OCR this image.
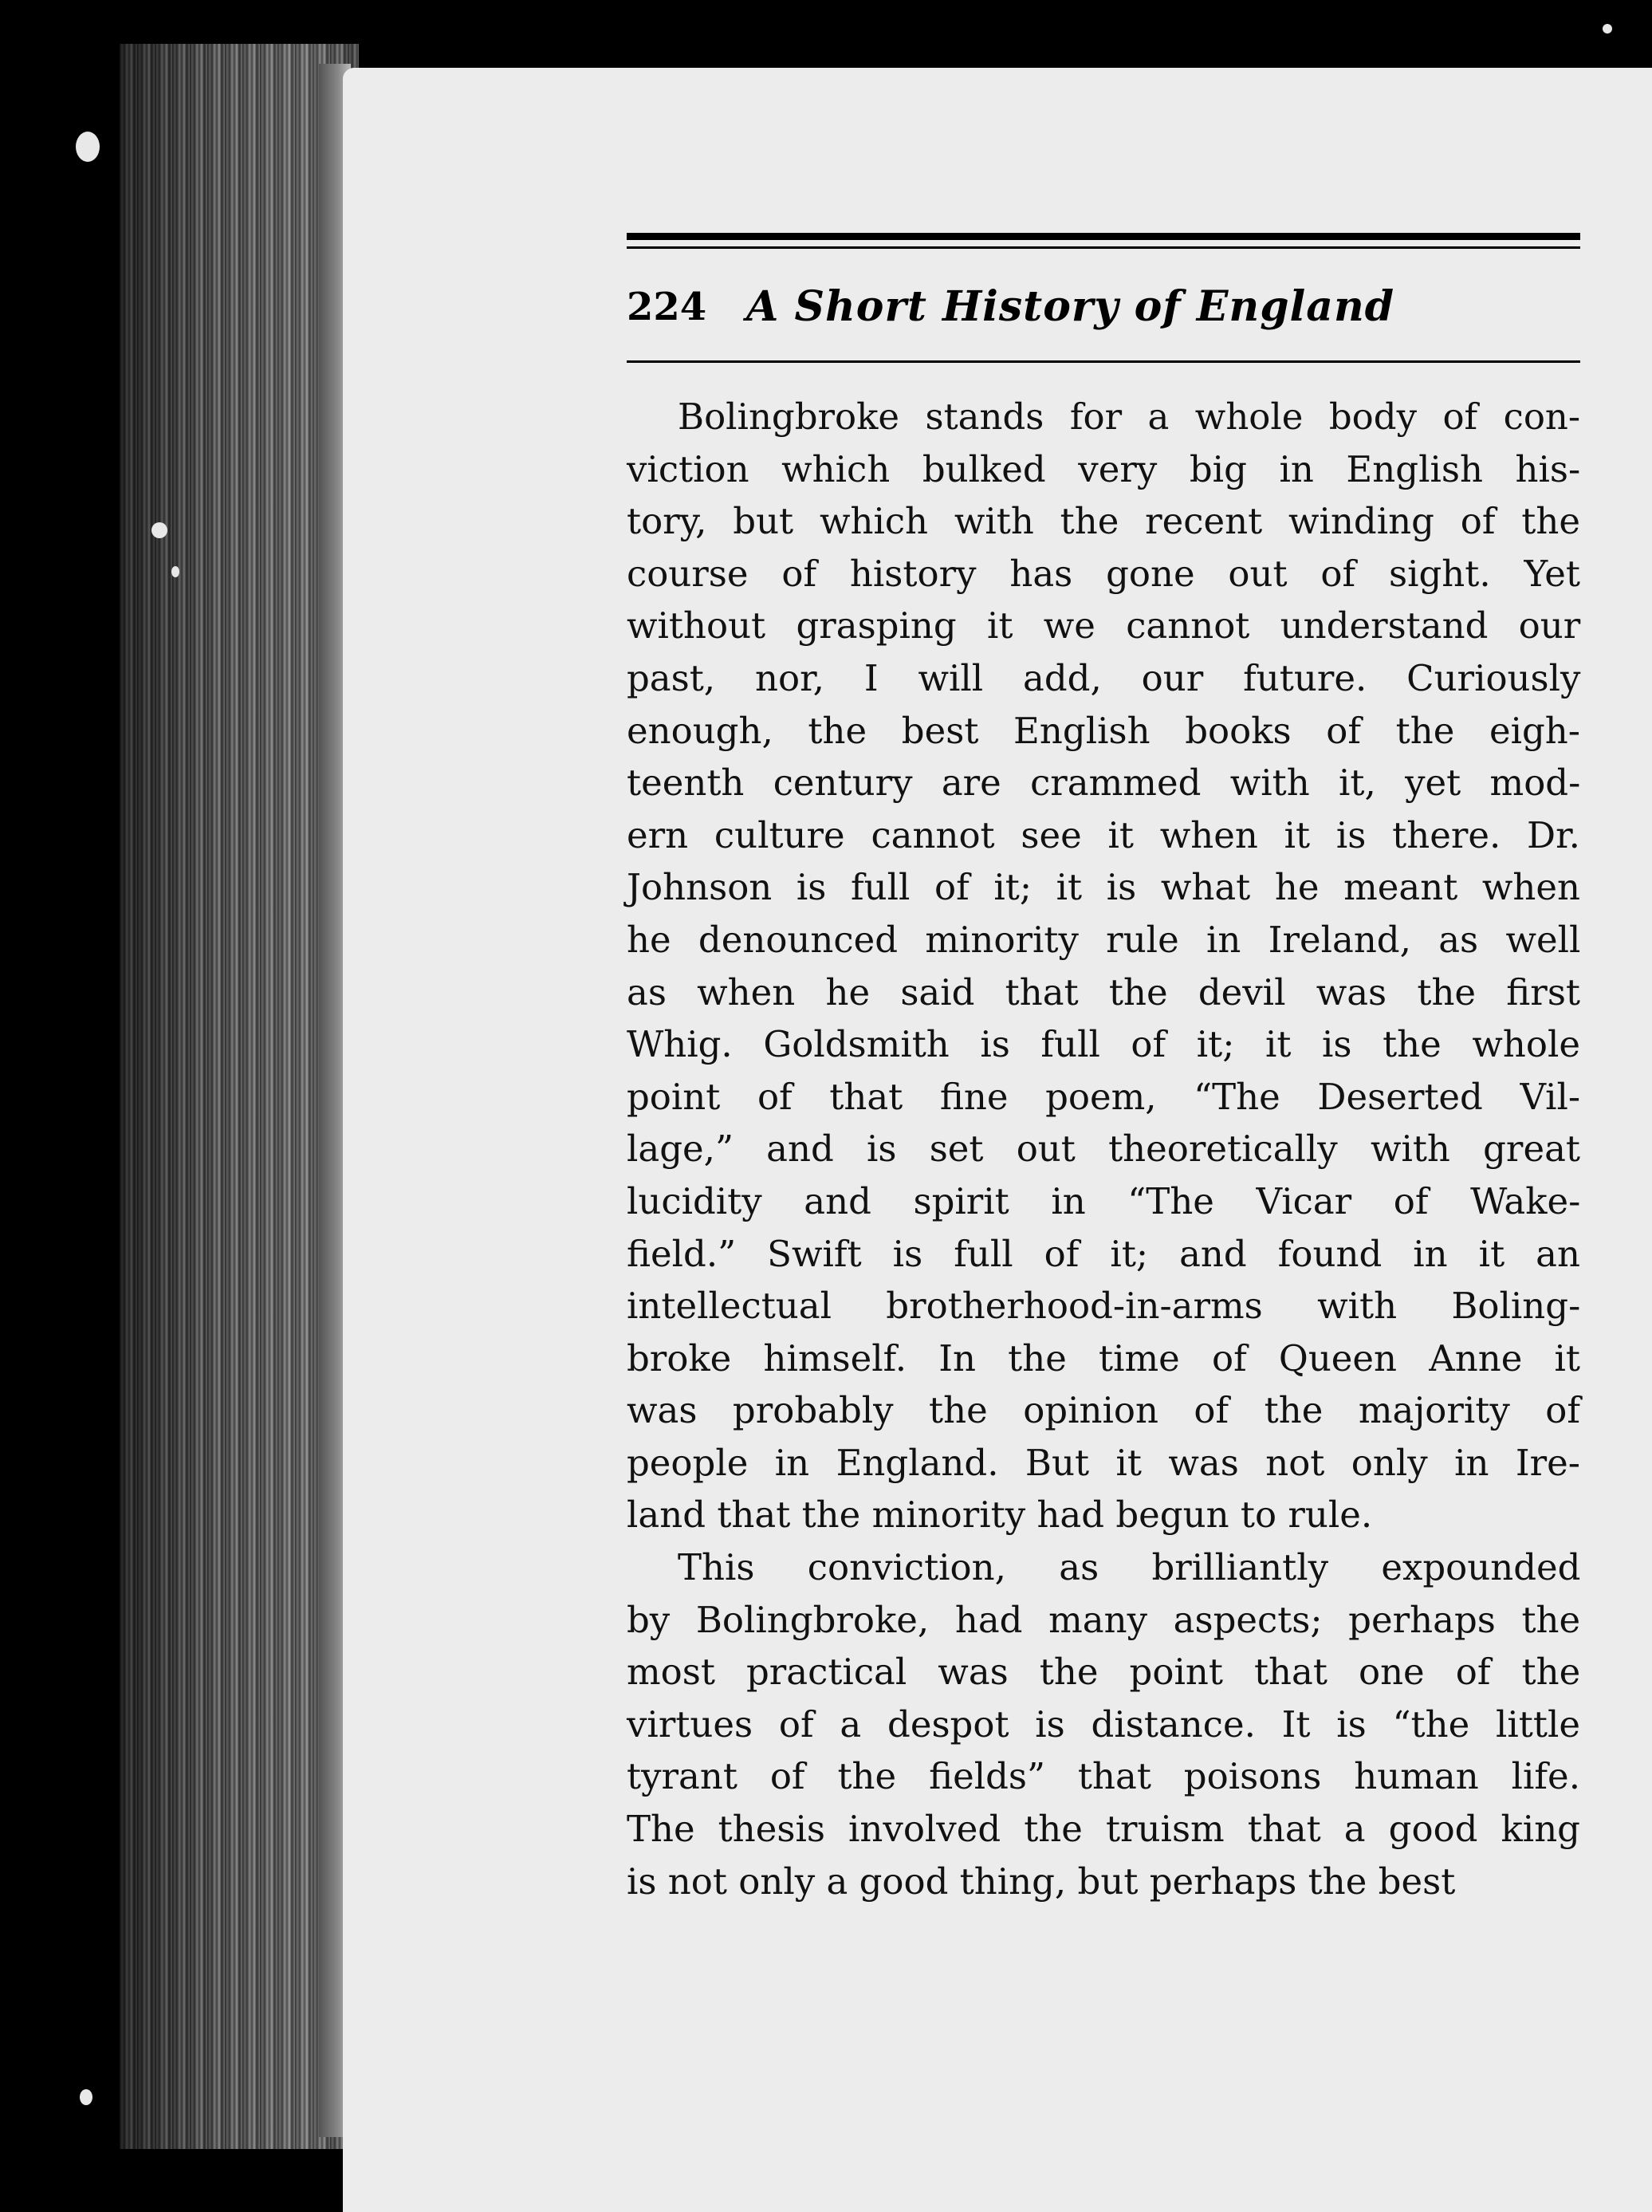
224 A Short History of England
Bolingbroke stands for a whole body of con-
viction which bulked very big in English his-
tory, but which with the recent winding of the
course of history has gone out of sight. Yet
without grasping it we cannot understand our
past, nor, I will add, our future. Curiously
enough, the best English books of the eigh-
teenth century are crammed with it, yet mod-
ern culture cannot see it when it is there. Dr.
Johnson is full of it; it is what he meant when
he denounced minority rule in Ireland, as well
as when he said that the devil was the first
Whig. Goldsmith is full of it; it is the whole
point of that fine poem, “The Deserted Vil-
lage,” and is set out theoretically with great
lucidity and spirit in “The Vicar of Wake-
field.” Swift is full of it; and found in it an
intellectual brotherhood-in-arms with Boling-
broke himself. In the time of Queen Anne it
was probably the opinion of the majority of
people in England. But it was not only in Ire-
land that the minority had begun to rule.
This conviction, as brilliantly expounded
by Bolingbroke, had many aspects; perhaps the
most practical was the point that one of the
virtues of a despot is distance. It is “the little
tyrant of the fields” that poisons human life.
The thesis involved the truism that a good king
is not only a good thing, but perhaps the best
